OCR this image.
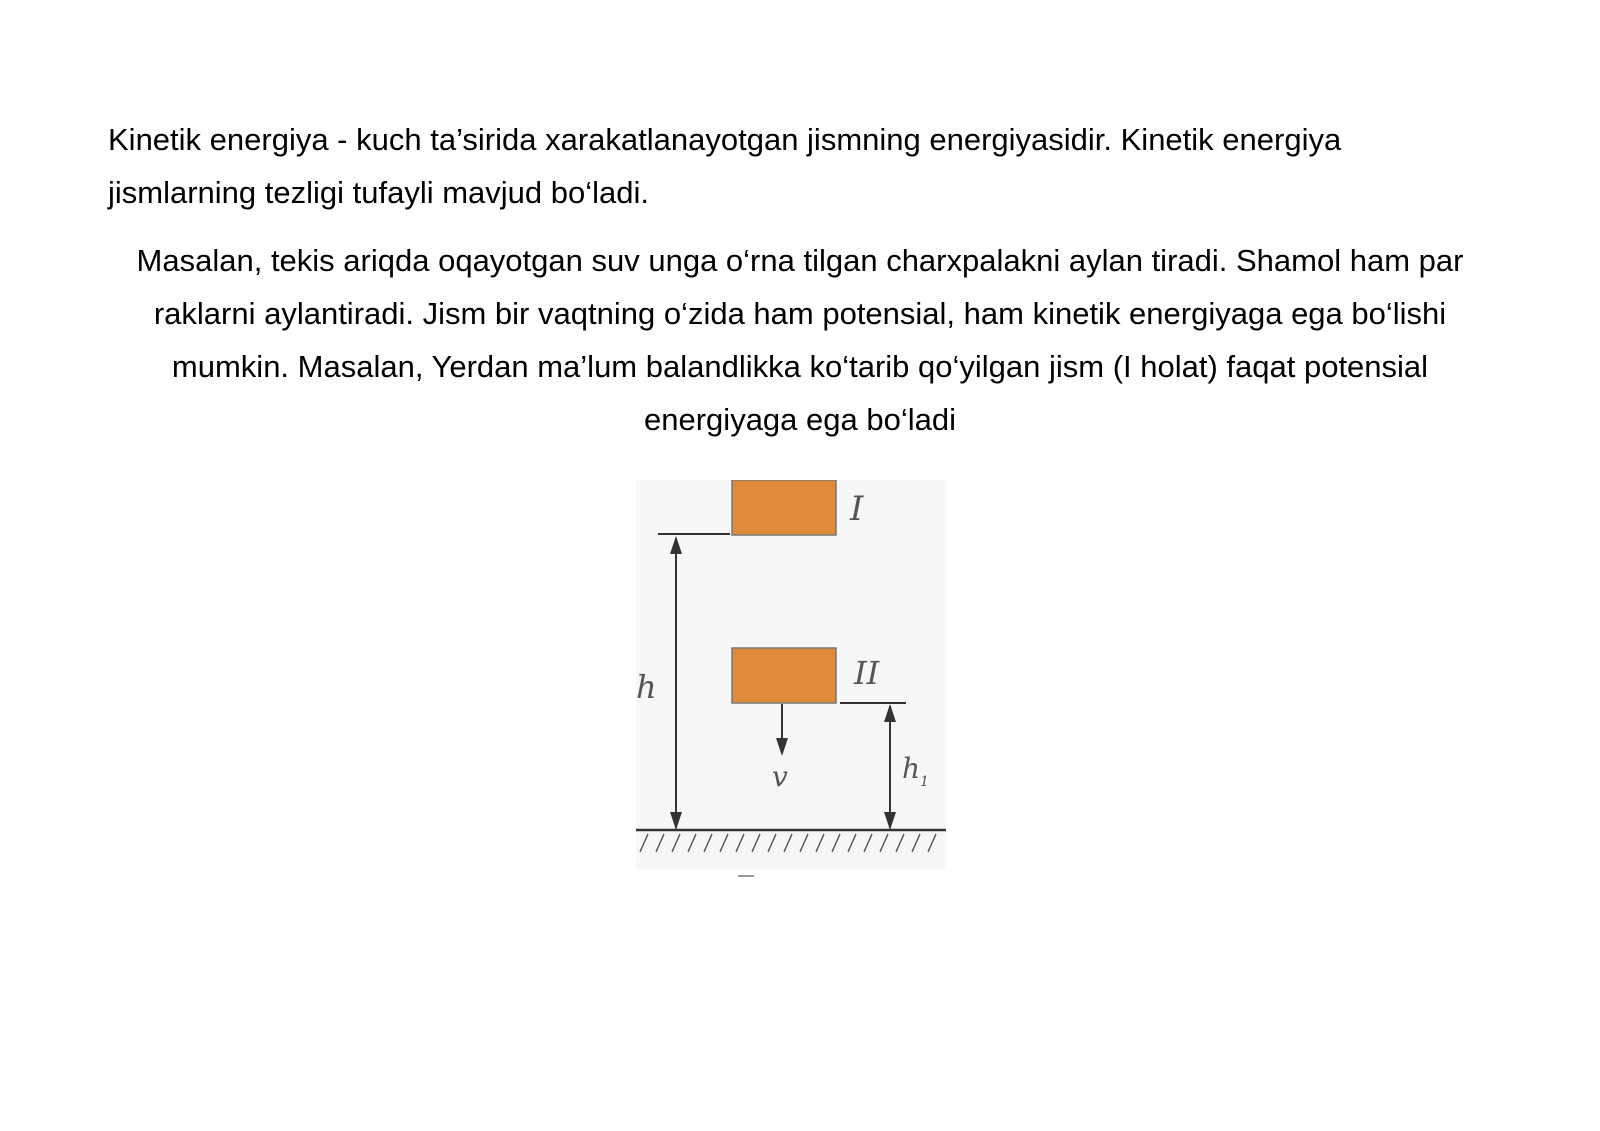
Kinetik energiya - kuch ta’sirida xarakatlanayotgan jismning energiyasidir. Kinetik energiya jismlarning tezligi tufayli mavjud bo‘ladi.

Masalan, tekis ariqda oqayotgan suv unga o‘rna tilgan charxpalakni aylan tiradi. Shamol ham par raklarni aylantiradi. Jism bir vaqtning o‘zida ham potensial, ham kinetik energiyaga ega bo‘lishi mumkin. Masalan, Yerdan ma’lum balandlikka ko‘tarib qo‘yilgan jism (I holat) faqat potensial energiyaga ega bo‘ladi

I
h	II
v	h 1
